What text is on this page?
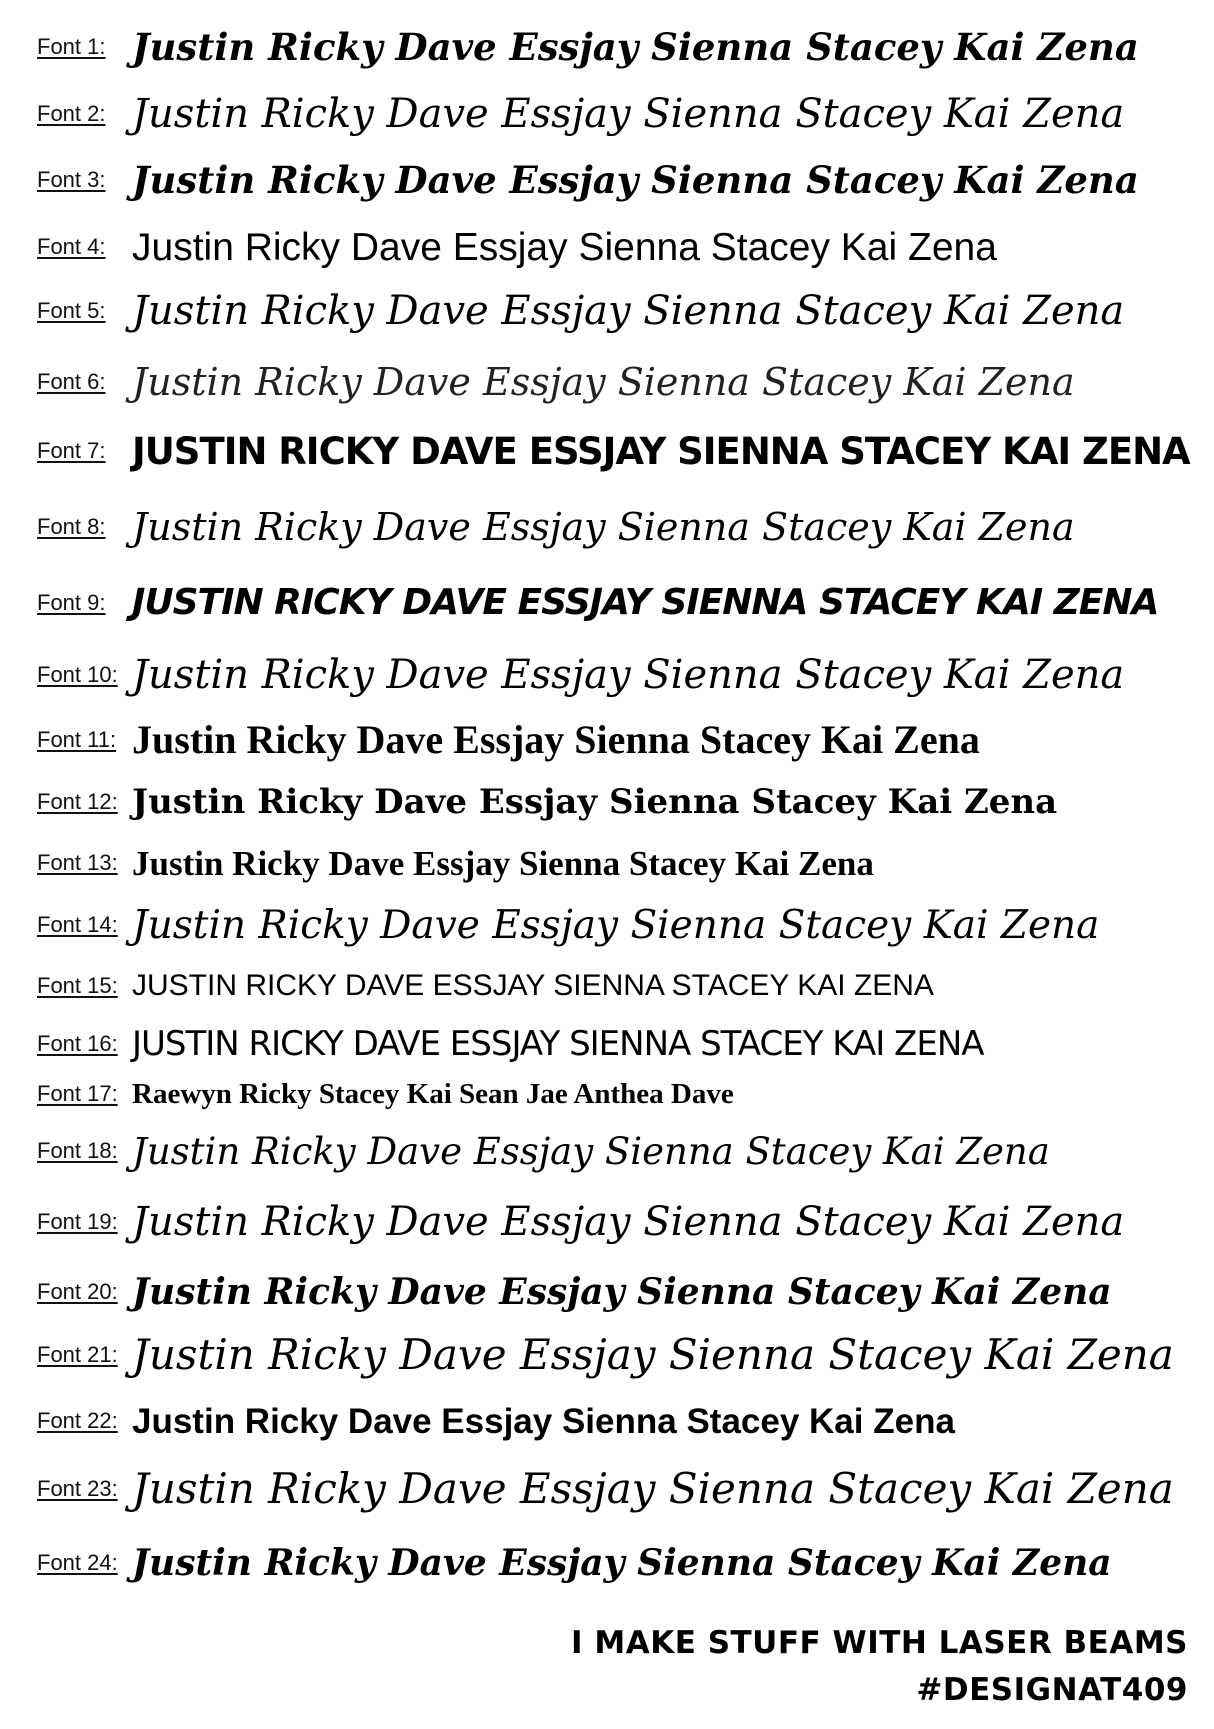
Font 1: Justin Ricky Dave Essjay Sienna Stacey Kai Zena
Font 2: Justin Ricky Dave Essjay Sienna Stacey Kai Zena
Font 3: Justin Ricky Dave Essjay Sienna Stacey Kai Zena
Font 4: Justin Ricky Dave Essjay Sienna Stacey Kai Zena
Font 5: Justin Ricky Dave Essjay Sienna Stacey Kai Zena
Font 6: Justin Ricky Dave Essjay Sienna Stacey Kai Zena
Font 7: JUSTIN RICKY DAVE ESSJAY SIENNA STACEY KAI ZENA
Font 8: Justin Ricky Dave Essjay Sienna Stacey Kai Zena
Font 9: JUSTIN RICKY DAVE ESSJAY SIENNA STACEY KAI ZENA
Font 10: Justin Ricky Dave Essjay Sienna Stacey Kai Zena
Font 11: Justin Ricky Dave Essjay Sienna Stacey Kai Zena
Font 12: Justin Ricky Dave Essjay Sienna Stacey Kai Zena
Font 13: Justin Ricky Dave Essjay Sienna Stacey Kai Zena
Font 14: Justin Ricky Dave Essjay Sienna Stacey Kai Zena
Font 15: JUSTIN RICKY DAVE ESSJAY SIENNA STACEY KAI ZENA
Font 16: JUSTIN RICKY DAVE ESSJAY SIENNA STACEY KAI ZENA
Font 17: Raewyn Ricky Stacey Kai Sean Jae Anthea Dave
Font 18: Justin Ricky Dave Essjay Sienna Stacey Kai Zena
Font 19: Justin Ricky Dave Essjay Sienna Stacey Kai Zena
Font 20: Justin Ricky Dave Essjay Sienna Stacey Kai Zena
Font 21: Justin Ricky Dave Essjay Sienna Stacey Kai Zena
Font 22: Justin Ricky Dave Essjay Sienna Stacey Kai Zena
Font 23: Justin Ricky Dave Essjay Sienna Stacey Kai Zena
Font 24: Justin Ricky Dave Essjay Sienna Stacey Kai Zena
I MAKE STUFF WITH LASER BEAMS
#DESIGNAT409
